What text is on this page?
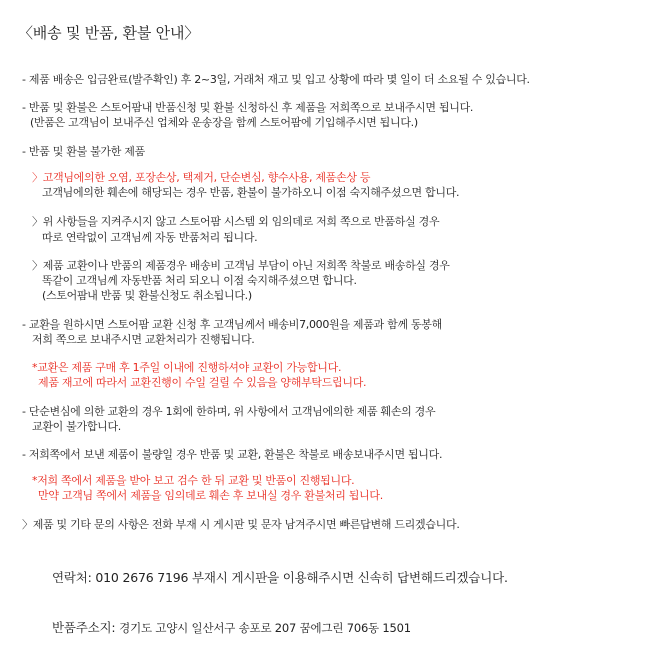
〈배송 및 반품, 환불 안내〉
- 제품 배송은 입금완료(발주확인) 후 2~3일, 거래처 재고 및 입고 상황에 따라 몇 일이 더 소요될 수 있습니다.
- 반품 및 환불은 스토어팜내 반품신청 및 환불 신청하신 후 제품을 저희쪽으로 보내주시면 됩니다.
(반품은 고객님이 보내주신 업체와 운송장을 함께 스토어팜에 기입해주시면 됩니다.)
- 반품 및 환불 불가한 제품
〉고객님에의한 오염, 포장손상, 택제거, 단순변심, 향수사용, 제품손상 등
고객님에의한 훼손에 해당되는 경우 반품, 환불이 불가하오니 이점 숙지해주셨으면 합니다.
〉위 사항들을 지켜주시지 않고 스토어팜 시스템 외 임의데로 저희 쪽으로 반품하실 경우
따로 연락없이 고객님께 자동 반품처리 됩니다.
〉제품 교환이나 반품의 제품경우 배송비 고객님 부담이 아닌 저희쪽 착불로 배송하실 경우
똑같이 고객님께 자동반품 처리 되오니 이점 숙지해주셨으면 합니다.
(스토어팜내 반품 및 환불신청도 취소됩니다.)
- 교환을 원하시면 스토어팜 교환 신청 후 고객님께서 배송비7,000원을 제품과 함께 동봉해
저희 쪽으로 보내주시면 교환처리가 진행됩니다.
*교환은 제품 구매 후 1주일 이내에 진행하셔야 교환이 가능합니다.
제품 재고에 따라서 교환진행이 수일 걸릴 수 있음을 양해부탁드립니다.
- 단순변심에 의한 교환의 경우 1회에 한하며, 위 사항에서 고객님에의한 제품 훼손의 경우
교환이 불가합니다.
- 저희쪽에서 보낸 제품이 불량일 경우 반품 및 교환, 환불은 착불로 배송보내주시면 됩니다.
*저희 쪽에서 제품을 받아 보고 검수 한 뒤 교환 및 반품이 진행됩니다.
만약 고객님 쪽에서 제품을 임의데로 훼손 후 보내실 경우 환불처리 됩니다.
〉제품 및 기타 문의 사항은 전화 부재 시 게시판 및 문자 남겨주시면 빠른답변해 드리겠습니다.
연락처: 010 2676 7196 부재시 게시판을 이용해주시면 신속히 답변해드리겠습니다.
반품주소지: 경기도 고양시 일산서구 송포로 207 꿈에그린 706동 1501
